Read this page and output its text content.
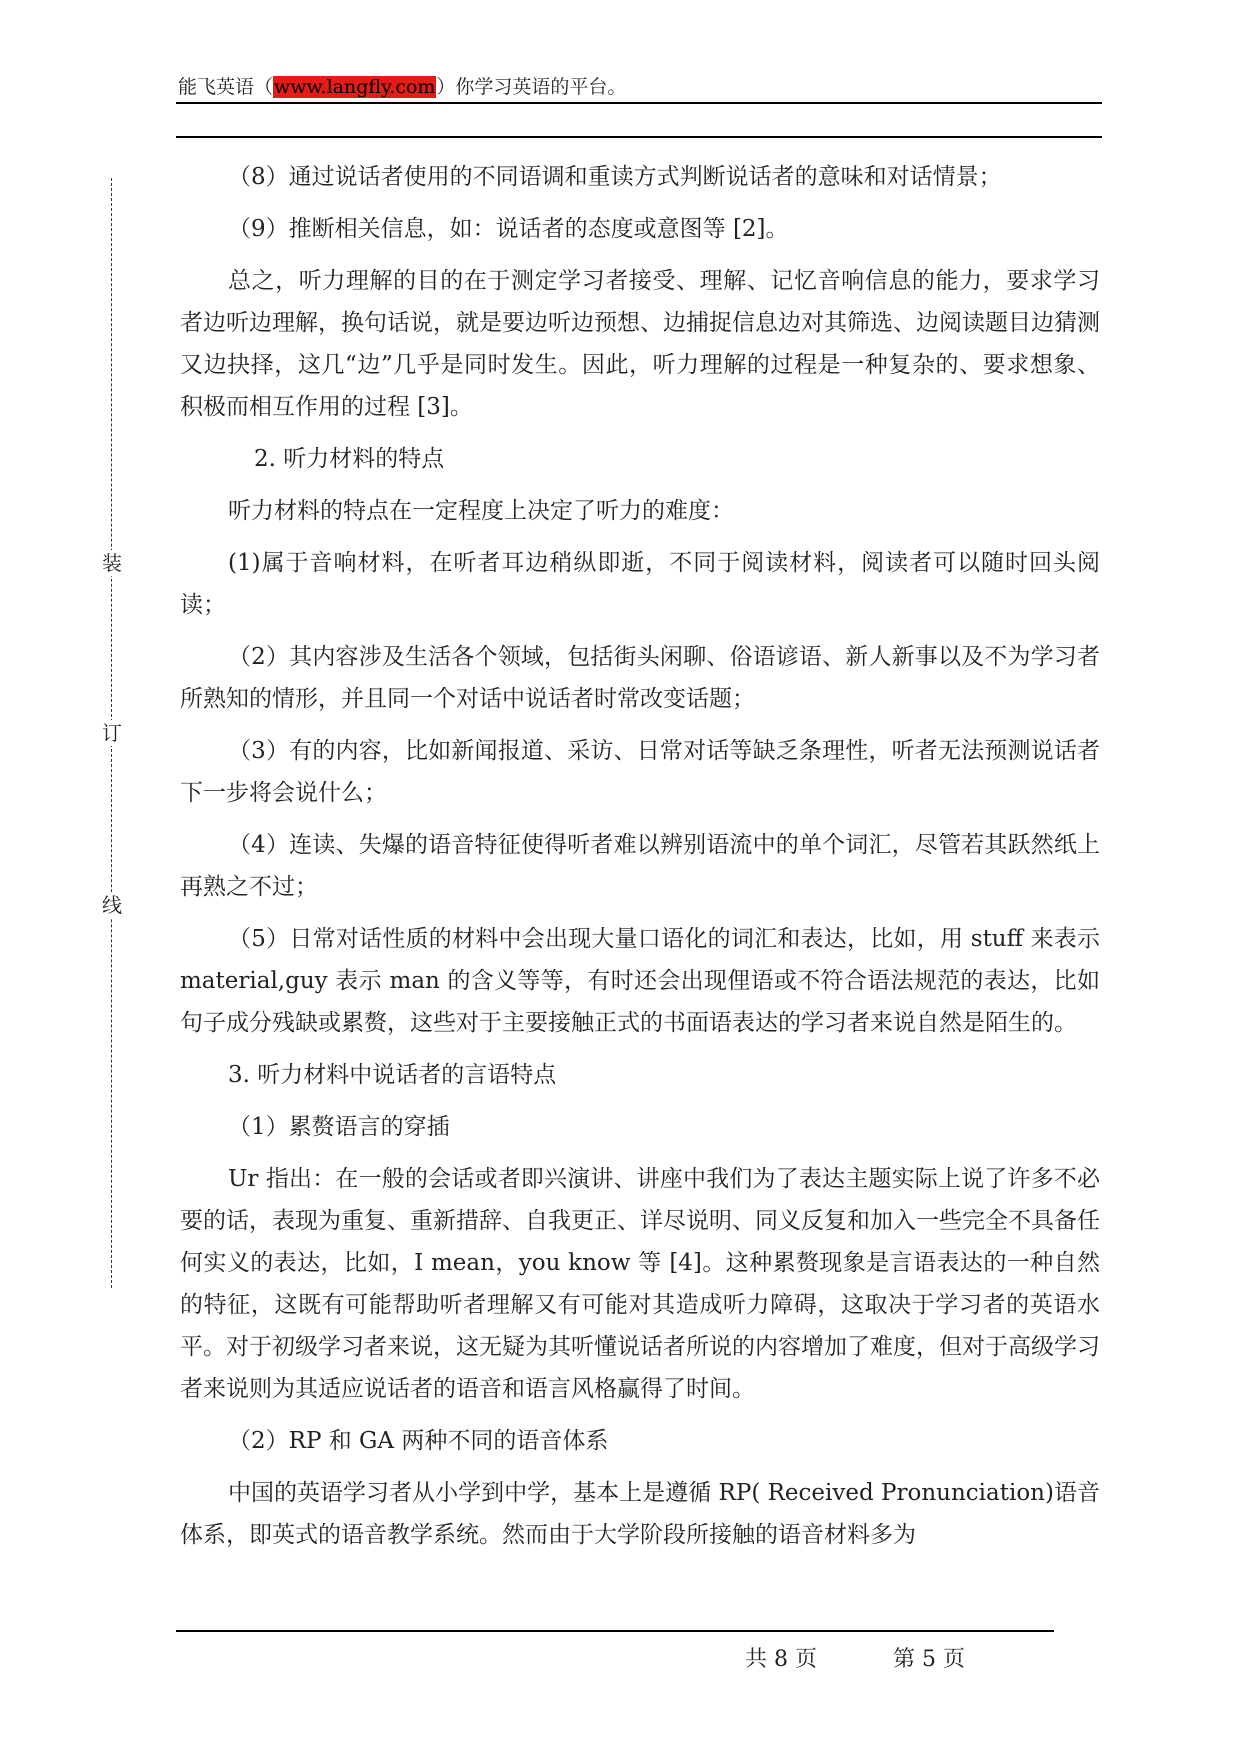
能飞英语（www.langfly.com）你学习英语的平台。
装
订
线

（8）通过说话者使用的不同语调和重读方式判断说话者的意味和对话情景；

（9）推断相关信息，如：说话者的态度或意图等 [2]。

总之，听力理解的目的在于测定学习者接受、理解、记忆音响信息的能力，要求学习者边听边理解，换句话说，就是要边听边预想、边捕捉信息边对其筛选、边阅读题目边猜测又边抉择，这几“边”几乎是同时发生。因此，听力理解的过程是一种复杂的、要求想象、积极而相互作用的过程 [3]。

2. 听力材料的特点

听力材料的特点在一定程度上决定了听力的难度：

(1)属于音响材料，在听者耳边稍纵即逝，不同于阅读材料，阅读者可以随时回头阅读；

（2）其内容涉及生活各个领域，包括街头闲聊、俗语谚语、新人新事以及不为学习者所熟知的情形，并且同一个对话中说话者时常改变话题；

（3）有的内容，比如新闻报道、采访、日常对话等缺乏条理性，听者无法预测说话者下一步将会说什么；

（4）连读、失爆的语音特征使得听者难以辨别语流中的单个词汇，尽管若其跃然纸上再熟之不过；

（5）日常对话性质的材料中会出现大量口语化的词汇和表达，比如，用 stuff 来表示 material,guy 表示 man 的含义等等，有时还会出现俚语或不符合语法规范的表达，比如句子成分残缺或累赘，这些对于主要接触正式的书面语表达的学习者来说自然是陌生的。

3. 听力材料中说话者的言语特点

（1）累赘语言的穿插

Ur 指出：在一般的会话或者即兴演讲、讲座中我们为了表达主题实际上说了许多不必要的话，表现为重复、重新措辞、自我更正、详尽说明、同义反复和加入一些完全不具备任何实义的表达，比如，I mean，you know 等 [4]。这种累赘现象是言语表达的一种自然的特征，这既有可能帮助听者理解又有可能对其造成听力障碍，这取决于学习者的英语水平。对于初级学习者来说，这无疑为其听懂说话者所说的内容增加了难度，但对于高级学习者来说则为其适应说话者的语音和语言风格赢得了时间。

（2）RP 和 GA 两种不同的语音体系

中国的英语学习者从小学到中学，基本上是遵循 RP( Received Pronunciation)语音体系，即英式的语音教学系统。然而由于大学阶段所接触的语音材料多为

共 8 页	第 5 页
